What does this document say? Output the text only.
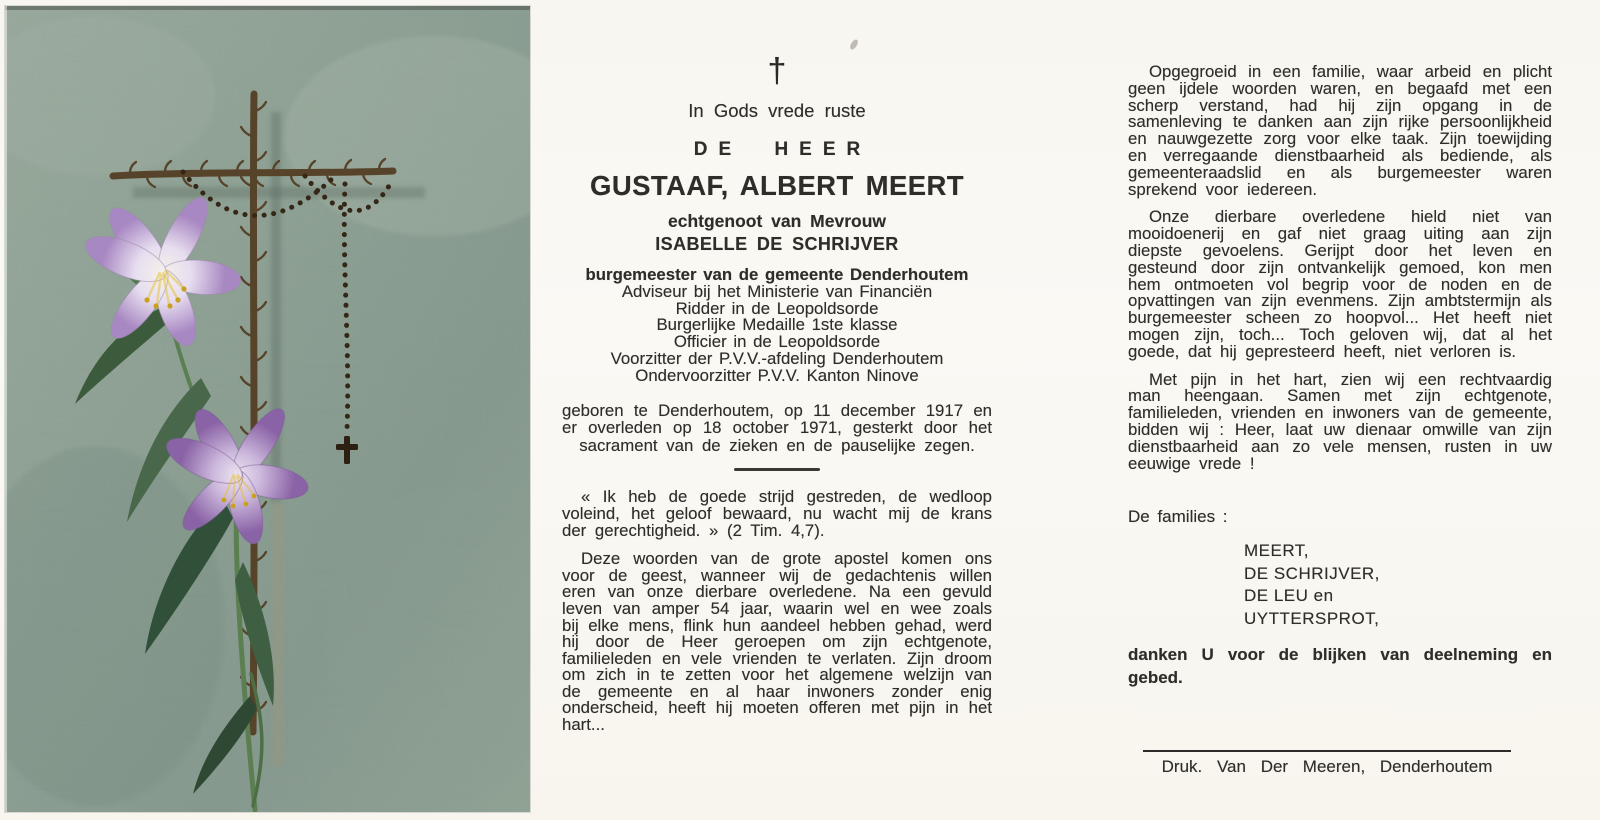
†
In Gods vrede ruste
DE HEER
GUSTAAF, ALBERT MEERT
echtgenoot van Mevrouw
ISABELLE DE SCHRIJVER
burgemeester van de gemeente Denderhoutem
Adviseur bij het Ministerie van Financiën
Ridder in de Leopoldsorde
Burgerlijke Medaille 1ste klasse
Officier in de Leopoldsorde
Voorzitter der P.V.V.-afdeling Denderhoutem
Ondervoorzitter P.V.V. Kanton Ninove
geboren te Denderhoutem, op 11 december 1917 en er overleden op 18 october 1971, gesterkt door het sacrament van de zieken en de pauselijke zegen.

« Ik heb de goede strijd gestreden, de wedloop voleind, het geloof bewaard, nu wacht mij de krans der gerechtigheid. » (2 Tim. 4,7).

Deze woorden van de grote apostel komen ons voor de geest, wanneer wij de gedachtenis willen eren van onze dierbare overledene. Na een gevuld leven van amper 54 jaar, waarin wel en wee zoals bij elke mens, flink hun aandeel hebben gehad, werd hij door de Heer geroepen om zijn echtgenote, familieleden en vele vrienden te verlaten. Zijn droom om zich in te zetten voor het algemene welzijn van de gemeente en al haar inwoners zonder enig onderscheid, heeft hij moeten offeren met pijn in het hart...

Opgegroeid in een familie, waar arbeid en plicht geen ijdele woorden waren, en begaafd met een scherp verstand, had hij zijn opgang in de samenleving te danken aan zijn rijke persoonlijkheid en nauwgezette zorg voor elke taak. Zijn toewijding en verregaande dienstbaarheid als bediende, als gemeenteraadslid en als burgemeester waren sprekend voor iedereen.

Onze dierbare overledene hield niet van mooidoenerij en gaf niet graag uiting aan zijn diepste gevoelens. Gerijpt door het leven en gesteund door zijn ontvankelijk gemoed, kon men hem ontmoeten vol begrip voor de noden en de opvattingen van zijn evenmens. Zijn ambtstermijn als burgemeester scheen zo hoopvol... Het heeft niet mogen zijn, toch... Toch geloven wij, dat al het goede, dat hij gepresteerd heeft, niet verloren is.

Met pijn in het hart, zien wij een rechtvaardig man heengaan. Samen met zijn echtgenote, familieleden, vrienden en inwoners van de gemeente, bidden wij : Heer, laat uw dienaar omwille van zijn dienstbaarheid aan zo vele mensen, rusten in uw eeuwige vrede !

De families :
MEERT,
DE SCHRIJVER,
DE LEU en
UYTTERSPROT,
danken U voor de blijken van deelneming en gebed.
Druk. Van Der Meeren, Denderhoutem
